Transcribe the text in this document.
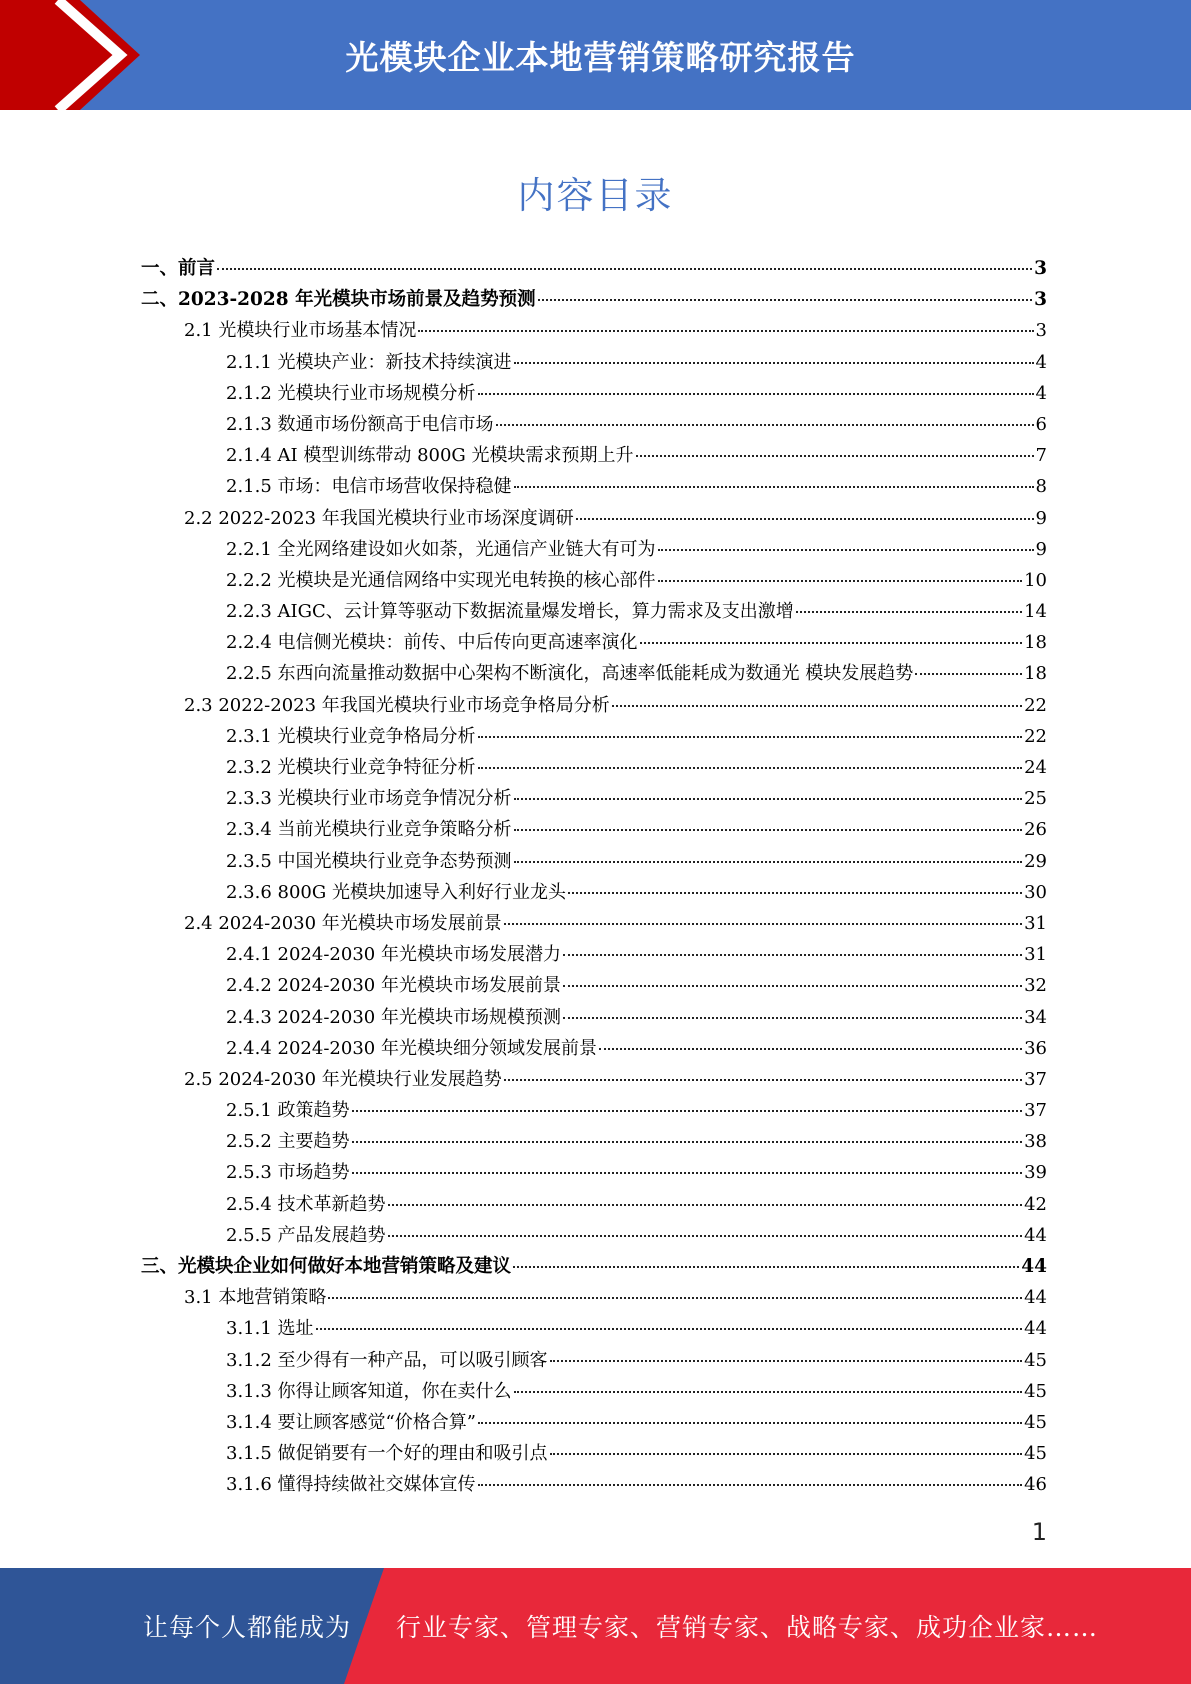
光模块企业本地营销策略研究报告
内容目录
一、前言	3
二、2023-2028 年光模块市场前景及趋势预测	3
2.1 光模块行业市场基本情况	3
2.1.1 光模块产业：新技术持续演进	4
2.1.2 光模块行业市场规模分析	4
2.1.3 数通市场份额高于电信市场	6
2.1.4 AI 模型训练带动 800G 光模块需求预期上升	7
2.1.5 市场：电信市场营收保持稳健	8
2.2 2022-2023 年我国光模块行业市场深度调研	9
2.2.1 全光网络建设如火如荼，光通信产业链大有可为	9
2.2.2 光模块是光通信网络中实现光电转换的核心部件	10
2.2.3 AIGC、云计算等驱动下数据流量爆发增长，算力需求及支出激增	14
2.2.4 电信侧光模块：前传、中后传向更高速率演化	18
2.2.5 东西向流量推动数据中心架构不断演化，高速率低能耗成为数通光 模块发展趋势	18
2.3 2022-2023 年我国光模块行业市场竞争格局分析	22
2.3.1 光模块行业竞争格局分析	22
2.3.2 光模块行业竞争特征分析	24
2.3.3 光模块行业市场竞争情况分析	25
2.3.4 当前光模块行业竞争策略分析	26
2.3.5 中国光模块行业竞争态势预测	29
2.3.6 800G 光模块加速导入利好行业龙头	30
2.4 2024-2030 年光模块市场发展前景	31
2.4.1 2024-2030 年光模块市场发展潜力	31
2.4.2 2024-2030 年光模块市场发展前景	32
2.4.3 2024-2030 年光模块市场规模预测	34
2.4.4 2024-2030 年光模块细分领域发展前景	36
2.5 2024-2030 年光模块行业发展趋势	37
2.5.1 政策趋势	37
2.5.2 主要趋势	38
2.5.3 市场趋势	39
2.5.4 技术革新趋势	42
2.5.5 产品发展趋势	44
三、光模块企业如何做好本地营销策略及建议	44
3.1 本地营销策略	44
3.1.1 选址	44
3.1.2 至少得有一种产品，可以吸引顾客	45
3.1.3 你得让顾客知道，你在卖什么	45
3.1.4 要让顾客感觉“价格合算”	45
3.1.5 做促销要有一个好的理由和吸引点	45
3.1.6 懂得持续做社交媒体宣传	46
1
让每个人都能成为 行业专家、管理专家、营销专家、战略专家、成功企业家……
